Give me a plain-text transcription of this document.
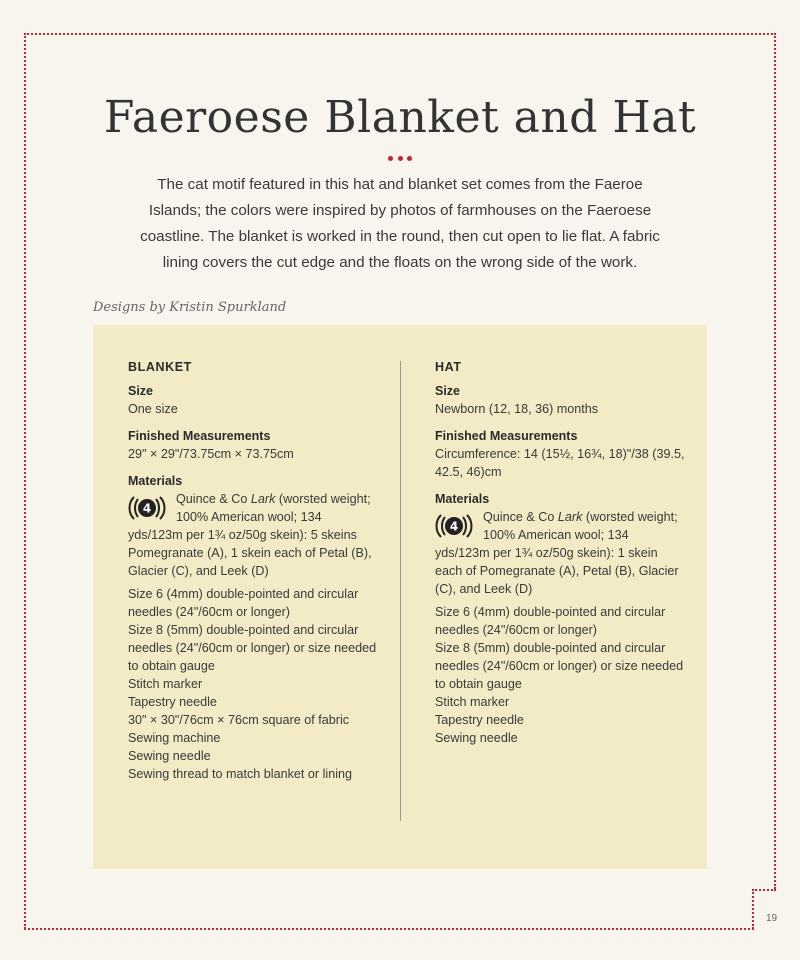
Faeroese Blanket and Hat

The cat motif featured in this hat and blanket set comes from the Faeroe Islands; the colors were inspired by photos of farmhouses on the Faeroese coastline. The blanket is worked in the round, then cut open to lie flat. A fabric lining covers the cut edge and the floats on the wrong side of the work.

Designs by Kristin Spurkland

BLANKET
Size

One size

Finished Measurements

29" × 29"/73.75cm × 73.75cm

Materials
4
Quince & Co Lark (worsted weight; 100% American wool; 134 yds/123m per 1¾ oz/50g skein): 5 skeins Pomegranate (A), 1 skein each of Petal (B), Glacier (C), and Leek (D)

Size 6 (4mm) double-pointed and circular needles (24"/60cm or longer)

Size 8 (5mm) double-pointed and circular needles (24"/60cm or longer) or size needed to obtain gauge

Stitch marker

Tapestry needle

30" × 30"/76cm × 76cm square of fabric

Sewing machine

Sewing needle

Sewing thread to match blanket or lining

HAT
Size

Newborn (12, 18, 36) months

Finished Measurements

Circumference: 14 (15½, 16¾, 18)"/38 (39.5, 42.5, 46)cm

Materials
4
Quince & Co Lark (worsted weight; 100% American wool; 134 yds/123m per 1¾ oz/50g skein): 1 skein each of Pomegranate (A), Petal (B), Glacier (C), and Leek (D)

Size 6 (4mm) double-pointed and circular needles (24"/60cm or longer)

Size 8 (5mm) double-pointed and circular needles (24"/60cm or longer) or size needed to obtain gauge

Stitch marker

Tapestry needle

Sewing needle

19
